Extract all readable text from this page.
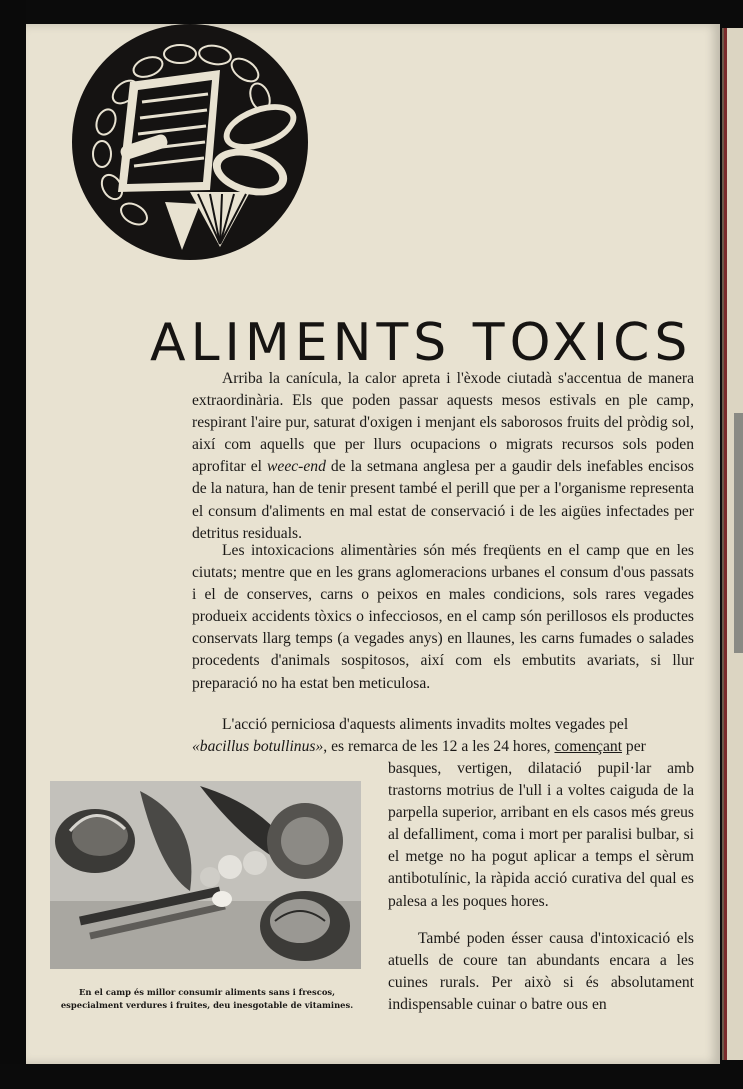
ALIMENTS TOXICS

Arriba la canícula, la calor apreta i l'èxode ciutadà s'accentua de manera extraordinària. Els que poden passar aquests mesos estivals en ple camp, respirant l'aire pur, saturat d'oxigen i menjant els saborosos fruits del pròdig sol, així com aquells que per llurs ocupacions o migrats recursos sols poden aprofitar el weec-end de la setmana anglesa per a gaudir dels inefables encisos de la natura, han de tenir present també el perill que per a l'organisme representa el consum d'aliments en mal estat de conservació i de les aigües infectades per detritus residuals.

Les intoxicacions alimentàries són més freqüents en el camp que en les ciutats; mentre que en les grans aglomeracions urbanes el consum d'ous passats i el de conserves, carns o peixos en males condicions, sols rares vegades produeix accidents tòxics o infecciosos, en el camp són perillosos els productes conservats llarg temps (a vegades anys) en llaunes, les carns fumades o salades procedents d'animals sospitosos, així com els embutits avariats, si llur preparació no ha estat ben meticulosa.

L'acció perniciosa d'aquests aliments invadits moltes vegades pel
«bacillus botullinus», es remarca de les 12 a les 24 hores, començant per

basques, vertigen, dilatació pupil·lar amb trastorns motrius de l'ull i a voltes caiguda de la parpella superior, arribant en els casos més greus al defalliment, coma i mort per paralisi bulbar, si el metge no ha pogut aplicar a temps el sèrum antibotulínic, la ràpida acció curativa del qual es palesa a les poques hores.

També poden ésser causa d'intoxicació els atuells de coure tan abundants encara a les cuines rurals. Per això si és absolutament indispensable cuinar o batre ous en

En el camp és millor consumir aliments sans i frescos,
especialment verdures i fruites, deu inesgotable de vitamines.
